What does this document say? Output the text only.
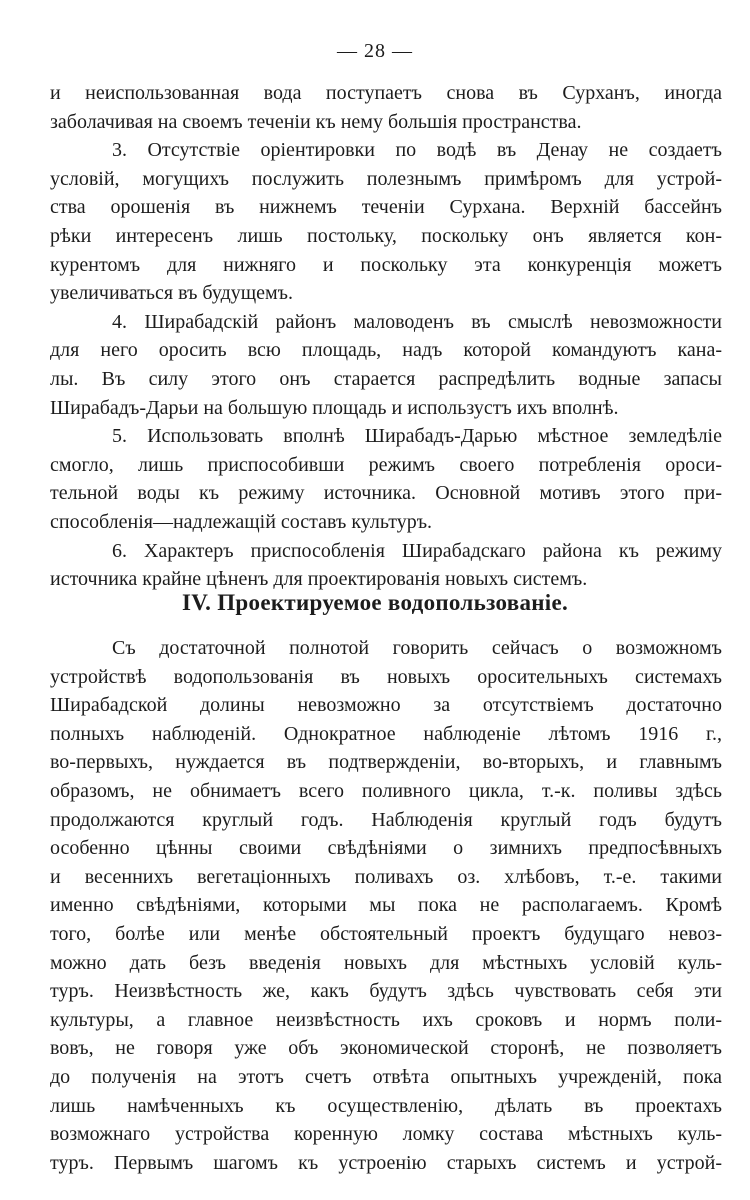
— 28 —
и неиспользованная вода поступаетъ снова въ Сурханъ, иногда
заболачивая на своемъ теченіи къ нему большія пространства.
3. Отсутствіе оріентировки по водѣ въ Денау не создаетъ
условій, могущихъ послужить полезнымъ примѣромъ для устрой-
ства орошенія въ нижнемъ теченіи Сурхана. Верхній бассейнъ
рѣки интересенъ лишь постольку, поскольку онъ является кон-
курентомъ для нижняго и поскольку эта конкуренція можетъ
увеличиваться въ будущемъ.
4. Ширабадскій районъ маловоденъ въ смыслѣ невозможности
для него оросить всю площадь, надъ которой командуютъ кана-
лы. Въ силу этого онъ старается распредѣлить водные запасы
Ширабадъ-Дарьи на большую площадь и использустъ ихъ вполнѣ.
5. Использовать вполнѣ Ширабадъ-Дарью мѣстное земледѣліе
смогло, лишь приспособивши режимъ своего потребленія ороси-
тельной воды къ режиму источника. Основной мотивъ этого при-
способленія—надлежащій составъ культуръ.
6. Характеръ приспособленія Ширабадскаго района къ режиму
источника крайне цѣненъ для проектированія новыхъ системъ.
IV. Проектируемое водопользованіе.
Съ достаточной полнотой говорить сейчасъ о возможномъ
устройствѣ водопользованія въ новыхъ оросительныхъ системахъ
Ширабадской долины невозможно за отсутствіемъ достаточно
полныхъ наблюденій. Однократное наблюденіе лѣтомъ 1916 г.,
во-первыхъ, нуждается въ подтвержденіи, во-вторыхъ, и главнымъ
образомъ, не обнимаетъ всего поливного цикла, т.-к. поливы здѣсь
продолжаются круглый годъ. Наблюденія круглый годъ будутъ
особенно цѣнны своими свѣдѣніями о зимнихъ предпосѣвныхъ
и весеннихъ вегетаціонныхъ поливахъ оз. хлѣбовъ, т.-е. такими
именно свѣдѣніями, которыми мы пока не располагаемъ. Кромѣ
того, болѣе или менѣе обстоятельный проектъ будущаго невоз-
можно дать безъ введенія новыхъ для мѣстныхъ условій куль-
туръ. Неизвѣстность же, какъ будутъ здѣсь чувствовать себя эти
культуры, а главное неизвѣстность ихъ сроковъ и нормъ поли-
вовъ, не говоря уже объ экономической сторонѣ, не позволяетъ
до полученія на этотъ счетъ отвѣта опытныхъ учрежденій, пока
лишь намѣченныхъ къ осуществленію, дѣлать въ проектахъ
возможнаго устройства коренную ломку состава мѣстныхъ куль-
туръ. Первымъ шагомъ къ устроенію старыхъ системъ и устрой-
